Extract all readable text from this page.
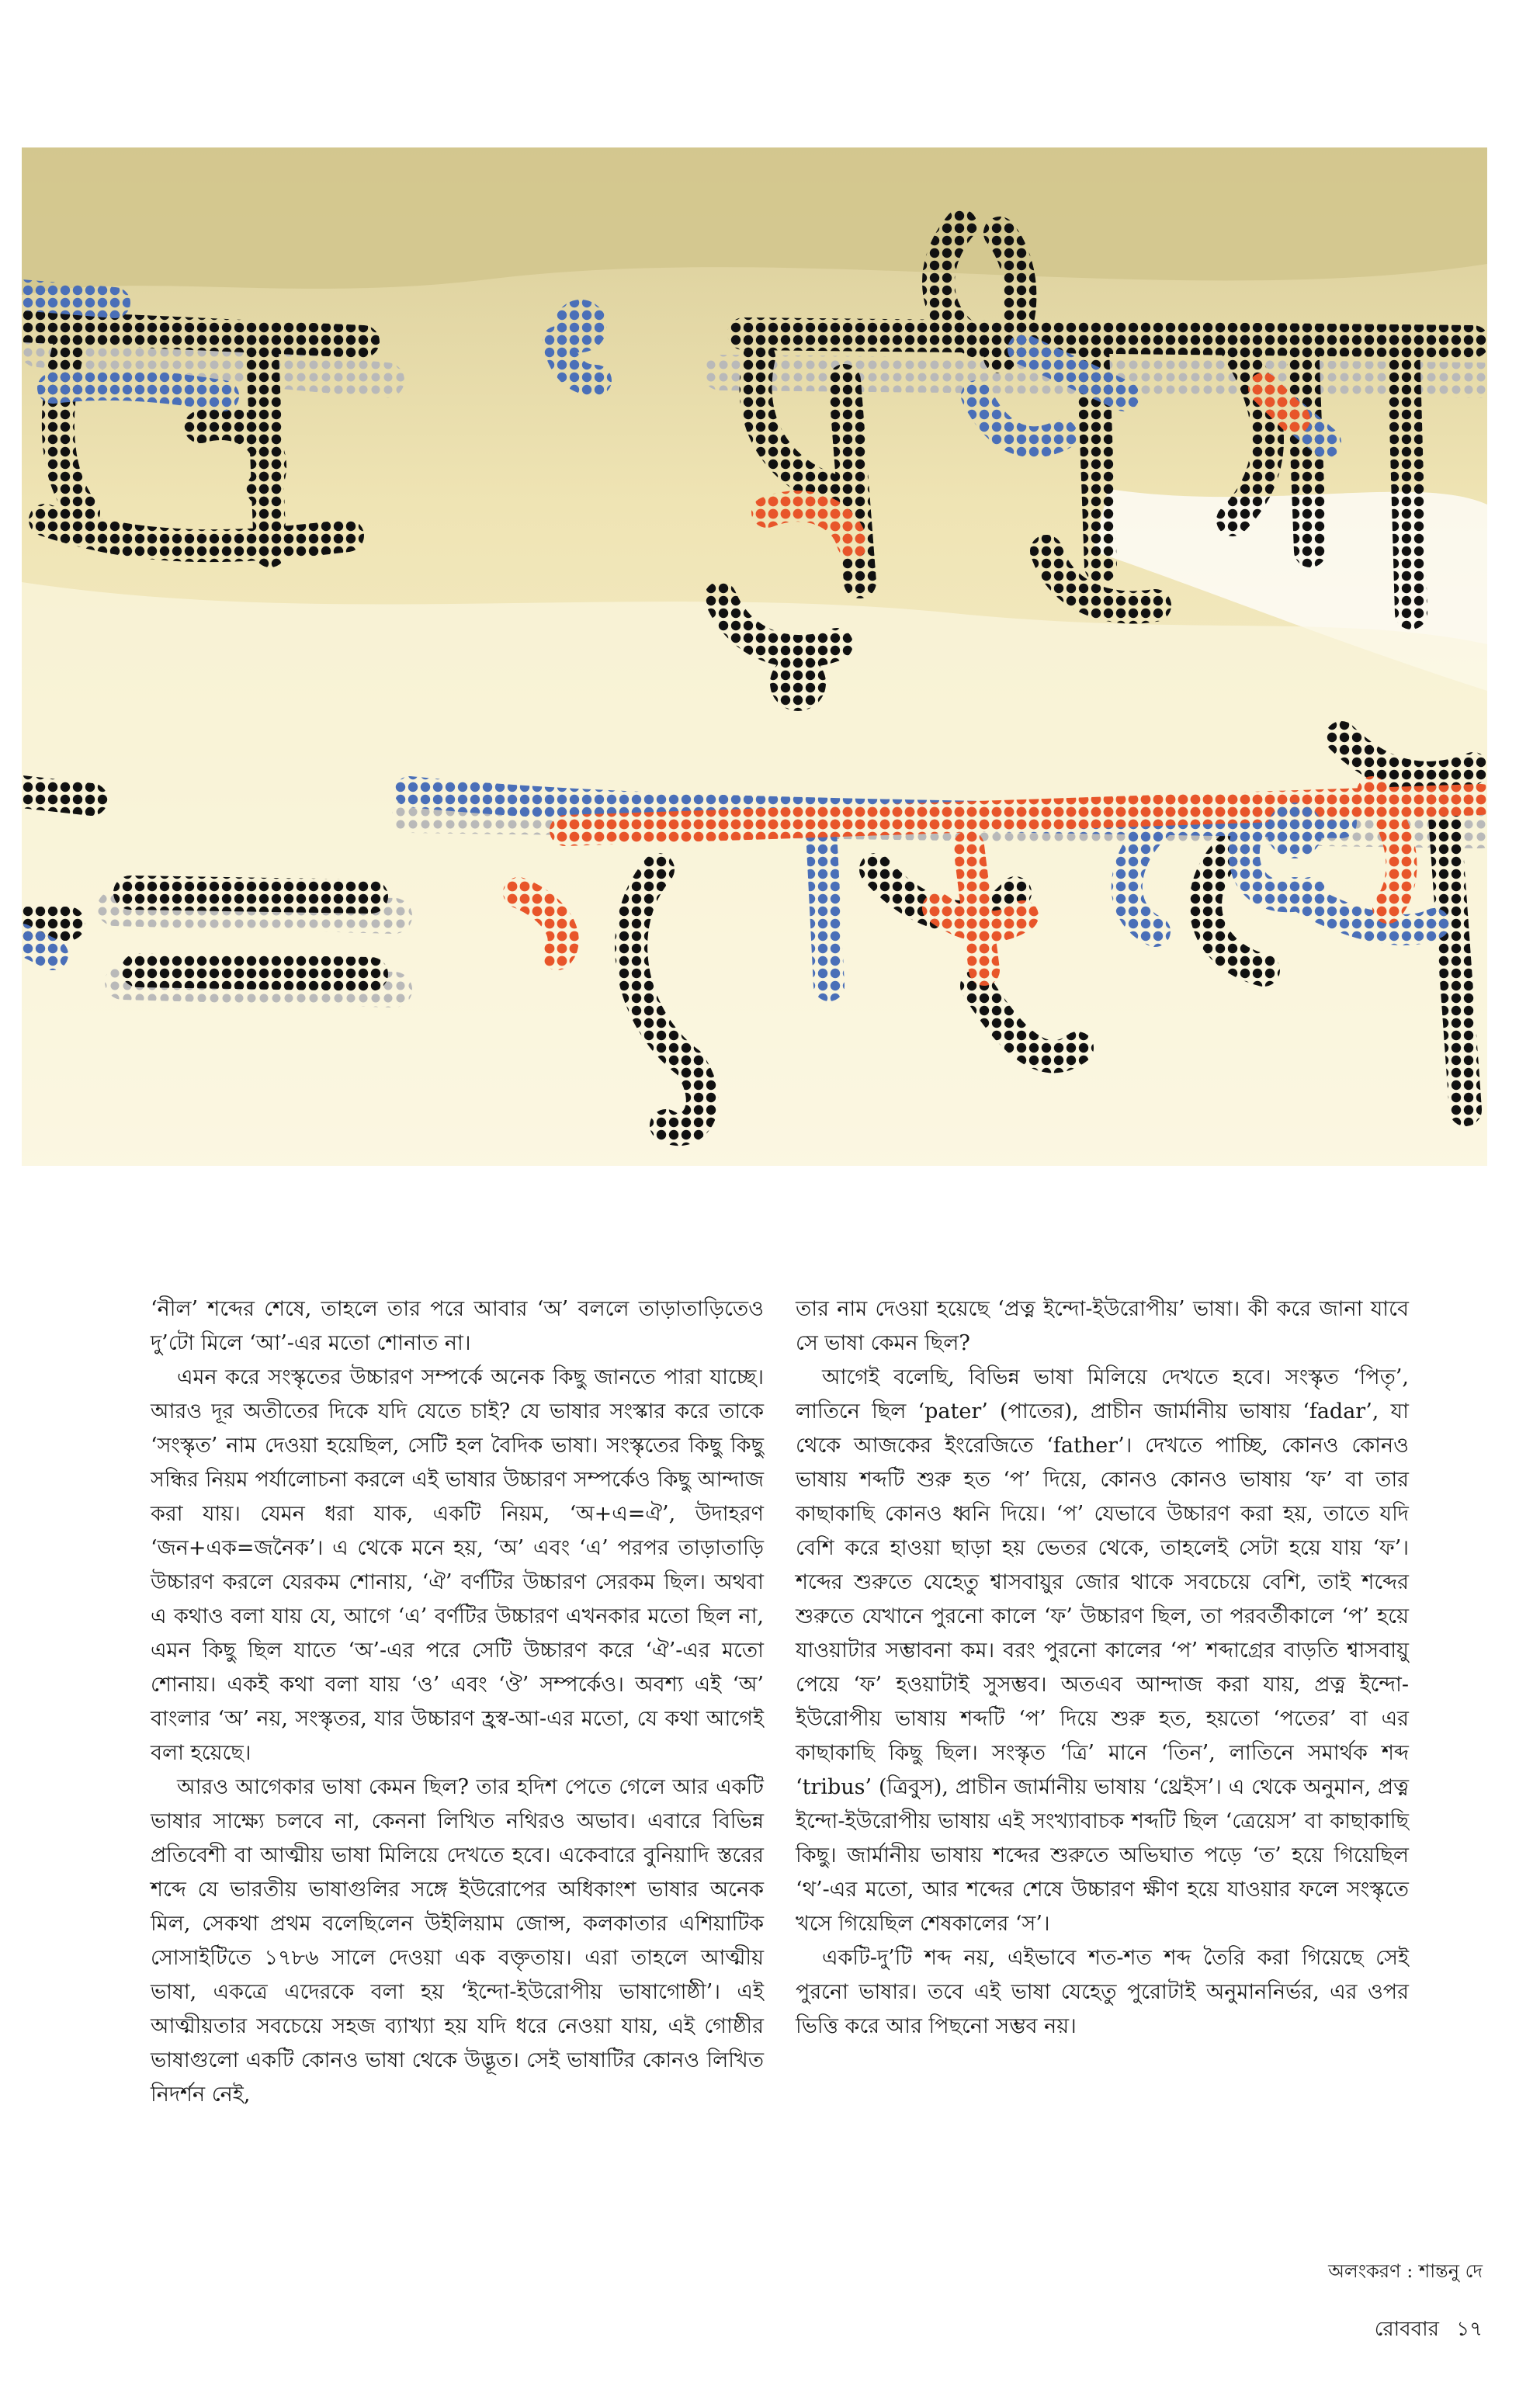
‘নীল’ শব্দের শেষে, তাহলে তার পরে আবার ‘অ’ বললে তাড়াতাড়িতেও দু’টো মিলে ‘আ’-এর মতো শোনাত না।

এমন করে সংস্কৃতের উচ্চারণ সম্পর্কে অনেক কিছু জানতে পারা যাচ্ছে। আরও দূর অতীতের দিকে যদি যেতে চাই? যে ভাষার সংস্কার করে তাকে ‘সংস্কৃত’ নাম দেওয়া হয়েছিল, সেটি হল বৈদিক ভাষা। সংস্কৃতের কিছু কিছু সন্ধির নিয়ম পর্যালোচনা করলে এই ভাষার উচ্চারণ সম্পর্কেও কিছু আন্দাজ করা যায়। যেমন ধরা যাক, একটি নিয়ম, ‘অ+এ=ঐ’, উদাহরণ ‘জন+এক=জনৈক’। এ থেকে মনে হয়, ‘অ’ এবং ‘এ’ পরপর তাড়াতাড়ি উচ্চারণ করলে যেরকম শোনায়, ‘ঐ’ বর্ণটির উচ্চারণ সেরকম ছিল। অথবা এ কথাও বলা যায় যে, আগে ‘এ’ বর্ণটির উচ্চারণ এখনকার মতো ছিল না, এমন কিছু ছিল যাতে ‘অ’-এর পরে সেটি উচ্চারণ করে ‘ঐ’-এর মতো শোনায়। একই কথা বলা যায় ‘ও’ এবং ‘ঔ’ সম্পর্কেও। অবশ্য এই ‘অ’ বাংলার ‘অ’ নয়, সংস্কৃতর, যার উচ্চারণ হ্রস্ব-আ-এর মতো, যে কথা আগেই বলা হয়েছে।

আরও আগেকার ভাষা কেমন ছিল? তার হদিশ পেতে গেলে আর একটি ভাষার সাক্ষ্যে চলবে না, কেননা লিখিত নথিরও অভাব। এবারে বিভিন্ন প্রতিবেশী বা আত্মীয় ভাষা মিলিয়ে দেখতে হবে। একেবারে বুনিয়াদি স্তরের শব্দে যে ভারতীয় ভাষাগুলির সঙ্গে ইউরোপের অধিকাংশ ভাষার অনেক মিল, সেকথা প্রথম বলেছিলেন উইলিয়াম জোন্স, কলকাতার এশিয়াটিক সোসাইটিতে ১৭৮৬ সালে দেওয়া এক বক্তৃতায়। এরা তাহলে আত্মীয় ভাষা, একত্রে এদেরকে বলা হয় ‘ইন্দো-ইউরোপীয় ভাষাগোষ্ঠী’। এই আত্মীয়তার সবচেয়ে সহজ ব্যাখ্যা হয় যদি ধরে নেওয়া যায়, এই গোষ্ঠীর ভাষাগুলো একটি কোনও ভাষা থেকে উদ্ভূত। সেই ভাষাটির কোনও লিখিত নিদর্শন নেই,

তার নাম দেওয়া হয়েছে ‘প্রত্ন ইন্দো-ইউরোপীয়’ ভাষা। কী করে জানা যাবে সে ভাষা কেমন ছিল?

আগেই বলেছি, বিভিন্ন ভাষা মিলিয়ে দেখতে হবে। সংস্কৃত ‘পিতৃ’, লাতিনে ছিল ‘pater’ (পাতের), প্রাচীন জার্মানীয় ভাষায় ‘fadar’, যা থেকে আজকের ইংরেজিতে ‘father’। দেখতে পাচ্ছি, কোনও কোনও ভাষায় শব্দটি শুরু হত ‘প’ দিয়ে, কোনও কোনও ভাষায় ‘ফ’ বা তার কাছাকাছি কোনও ধ্বনি দিয়ে। ‘প’ যেভাবে উচ্চারণ করা হয়, তাতে যদি বেশি করে হাওয়া ছাড়া হয় ভেতর থেকে, তাহলেই সেটা হয়ে যায় ‘ফ’। শব্দের শুরুতে যেহেতু শ্বাসবায়ুর জোর থাকে সবচেয়ে বেশি, তাই শব্দের শুরুতে যেখানে পুরনো কালে ‘ফ’ উচ্চারণ ছিল, তা পরবর্তীকালে ‘প’ হয়ে যাওয়াটার সম্ভাবনা কম। বরং পুরনো কালের ‘প’ শব্দাগ্রের বাড়তি শ্বাসবায়ু পেয়ে ‘ফ’ হওয়াটাই সুসম্ভব। অতএব আন্দাজ করা যায়, প্রত্ন ইন্দো-ইউরোপীয় ভাষায় শব্দটি ‘প’ দিয়ে শুরু হত, হয়তো ‘পতের’ বা এর কাছাকাছি কিছু ছিল। সংস্কৃত ‘ত্রি’ মানে ‘তিন’, লাতিনে সমার্থক শব্দ ‘tribus’ (ত্রিবুস), প্রাচীন জার্মানীয় ভাষায় ‘থ্রেইস’। এ থেকে অনুমান, প্রত্ন ইন্দো-ইউরোপীয় ভাষায় এই সংখ্যাবাচক শব্দটি ছিল ‘ত্রেয়েস’ বা কাছাকাছি কিছু। জার্মানীয় ভাষায় শব্দের শুরুতে অভিঘাত পড়ে ‘ত’ হয়ে গিয়েছিল ‘থ’-এর মতো, আর শব্দের শেষে উচ্চারণ ক্ষীণ হয়ে যাওয়ার ফলে সংস্কৃতে খসে গিয়েছিল শেষকালের ‘স’।

একটি-দু’টি শব্দ নয়, এইভাবে শত-শত শব্দ তৈরি করা গিয়েছে সেই পুরনো ভাষার। তবে এই ভাষা যেহেতু পুরোটাই অনুমাননির্ভর, এর ওপর ভিত্তি করে আর পিছনো সম্ভব নয়।

অলংকরণ : শান্তনু দে
রোববার ১৭
